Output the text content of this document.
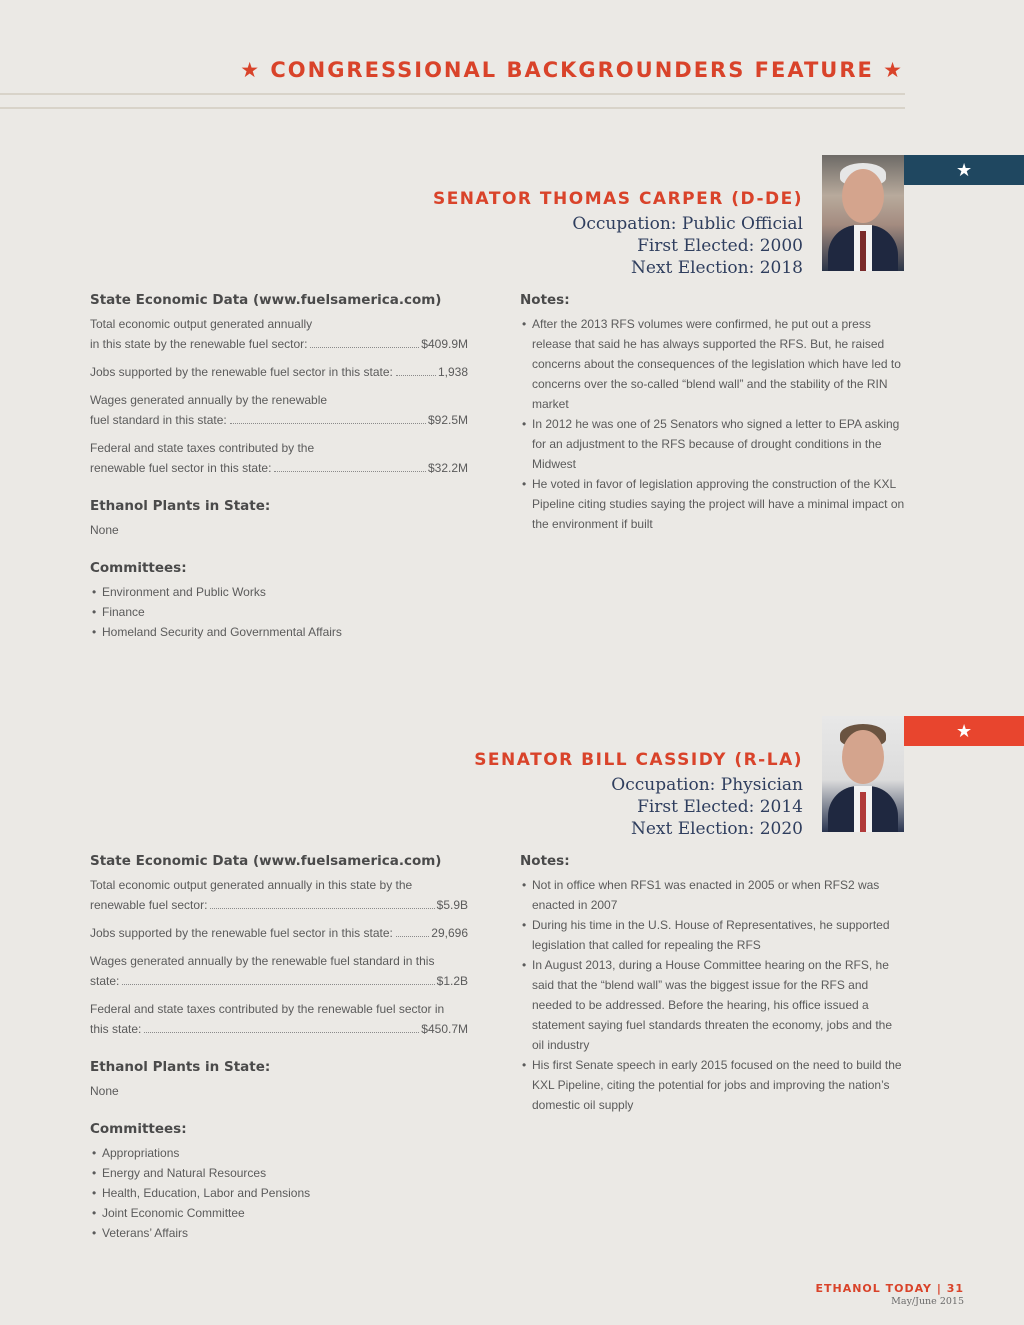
★ CONGRESSIONAL BACKGROUNDERS FEATURE ★
★
SENATOR THOMAS CARPER (D-DE)
Occupation: Public Official
First Elected: 2000
Next Election: 2018
State Economic Data (www.fuelsamerica.com)
Total economic output generated annually
in this state by the renewable fuel sector:	$409.9M
Jobs supported by the renewable fuel sector in this state:	1,938
Wages generated annually by the renewable
fuel standard in this state:	$92.5M
Federal and state taxes contributed by the
renewable fuel sector in this state:	$32.2M
Ethanol Plants in State:
None
Committees:
• Environment and Public Works
• Finance
• Homeland Security and Governmental Affairs
Notes:
• After the 2013 RFS volumes were confirmed, he put out a press release that said he has always supported the RFS. But, he raised concerns about the consequences of the legislation which have led to concerns over the so-called “blend wall” and the stability of the RIN market
• In 2012 he was one of 25 Senators who signed a letter to EPA asking for an adjustment to the RFS because of drought conditions in the Midwest
• He voted in favor of legislation approving the construction of the KXL Pipeline citing studies saying the project will have a minimal impact on the environment if built
★
SENATOR BILL CASSIDY (R-LA)
Occupation: Physician
First Elected: 2014
Next Election: 2020
State Economic Data (www.fuelsamerica.com)
Total economic output generated annually in this state by the
renewable fuel sector:	$5.9B
Jobs supported by the renewable fuel sector in this state:	29,696
Wages generated annually by the renewable fuel standard in this
state:	$1.2B
Federal and state taxes contributed by the renewable fuel sector in
this state:	$450.7M
Ethanol Plants in State:
None
Committees:
• Appropriations
• Energy and Natural Resources
• Health, Education, Labor and Pensions
• Joint Economic Committee
• Veterans’ Affairs
Notes:
• Not in office when RFS1 was enacted in 2005 or when RFS2 was enacted in 2007
• During his time in the U.S. House of Representatives, he supported legislation that called for repealing the RFS
• In August 2013, during a House Committee hearing on the RFS, he said that the “blend wall” was the biggest issue for the RFS and needed to be addressed. Before the hearing, his office issued a statement saying fuel standards threaten the economy, jobs and the oil industry
• His first Senate speech in early 2015 focused on the need to build the KXL Pipeline, citing the potential for jobs and improving the nation’s domestic oil supply
ETHANOL TODAY | 31
May/June 2015
